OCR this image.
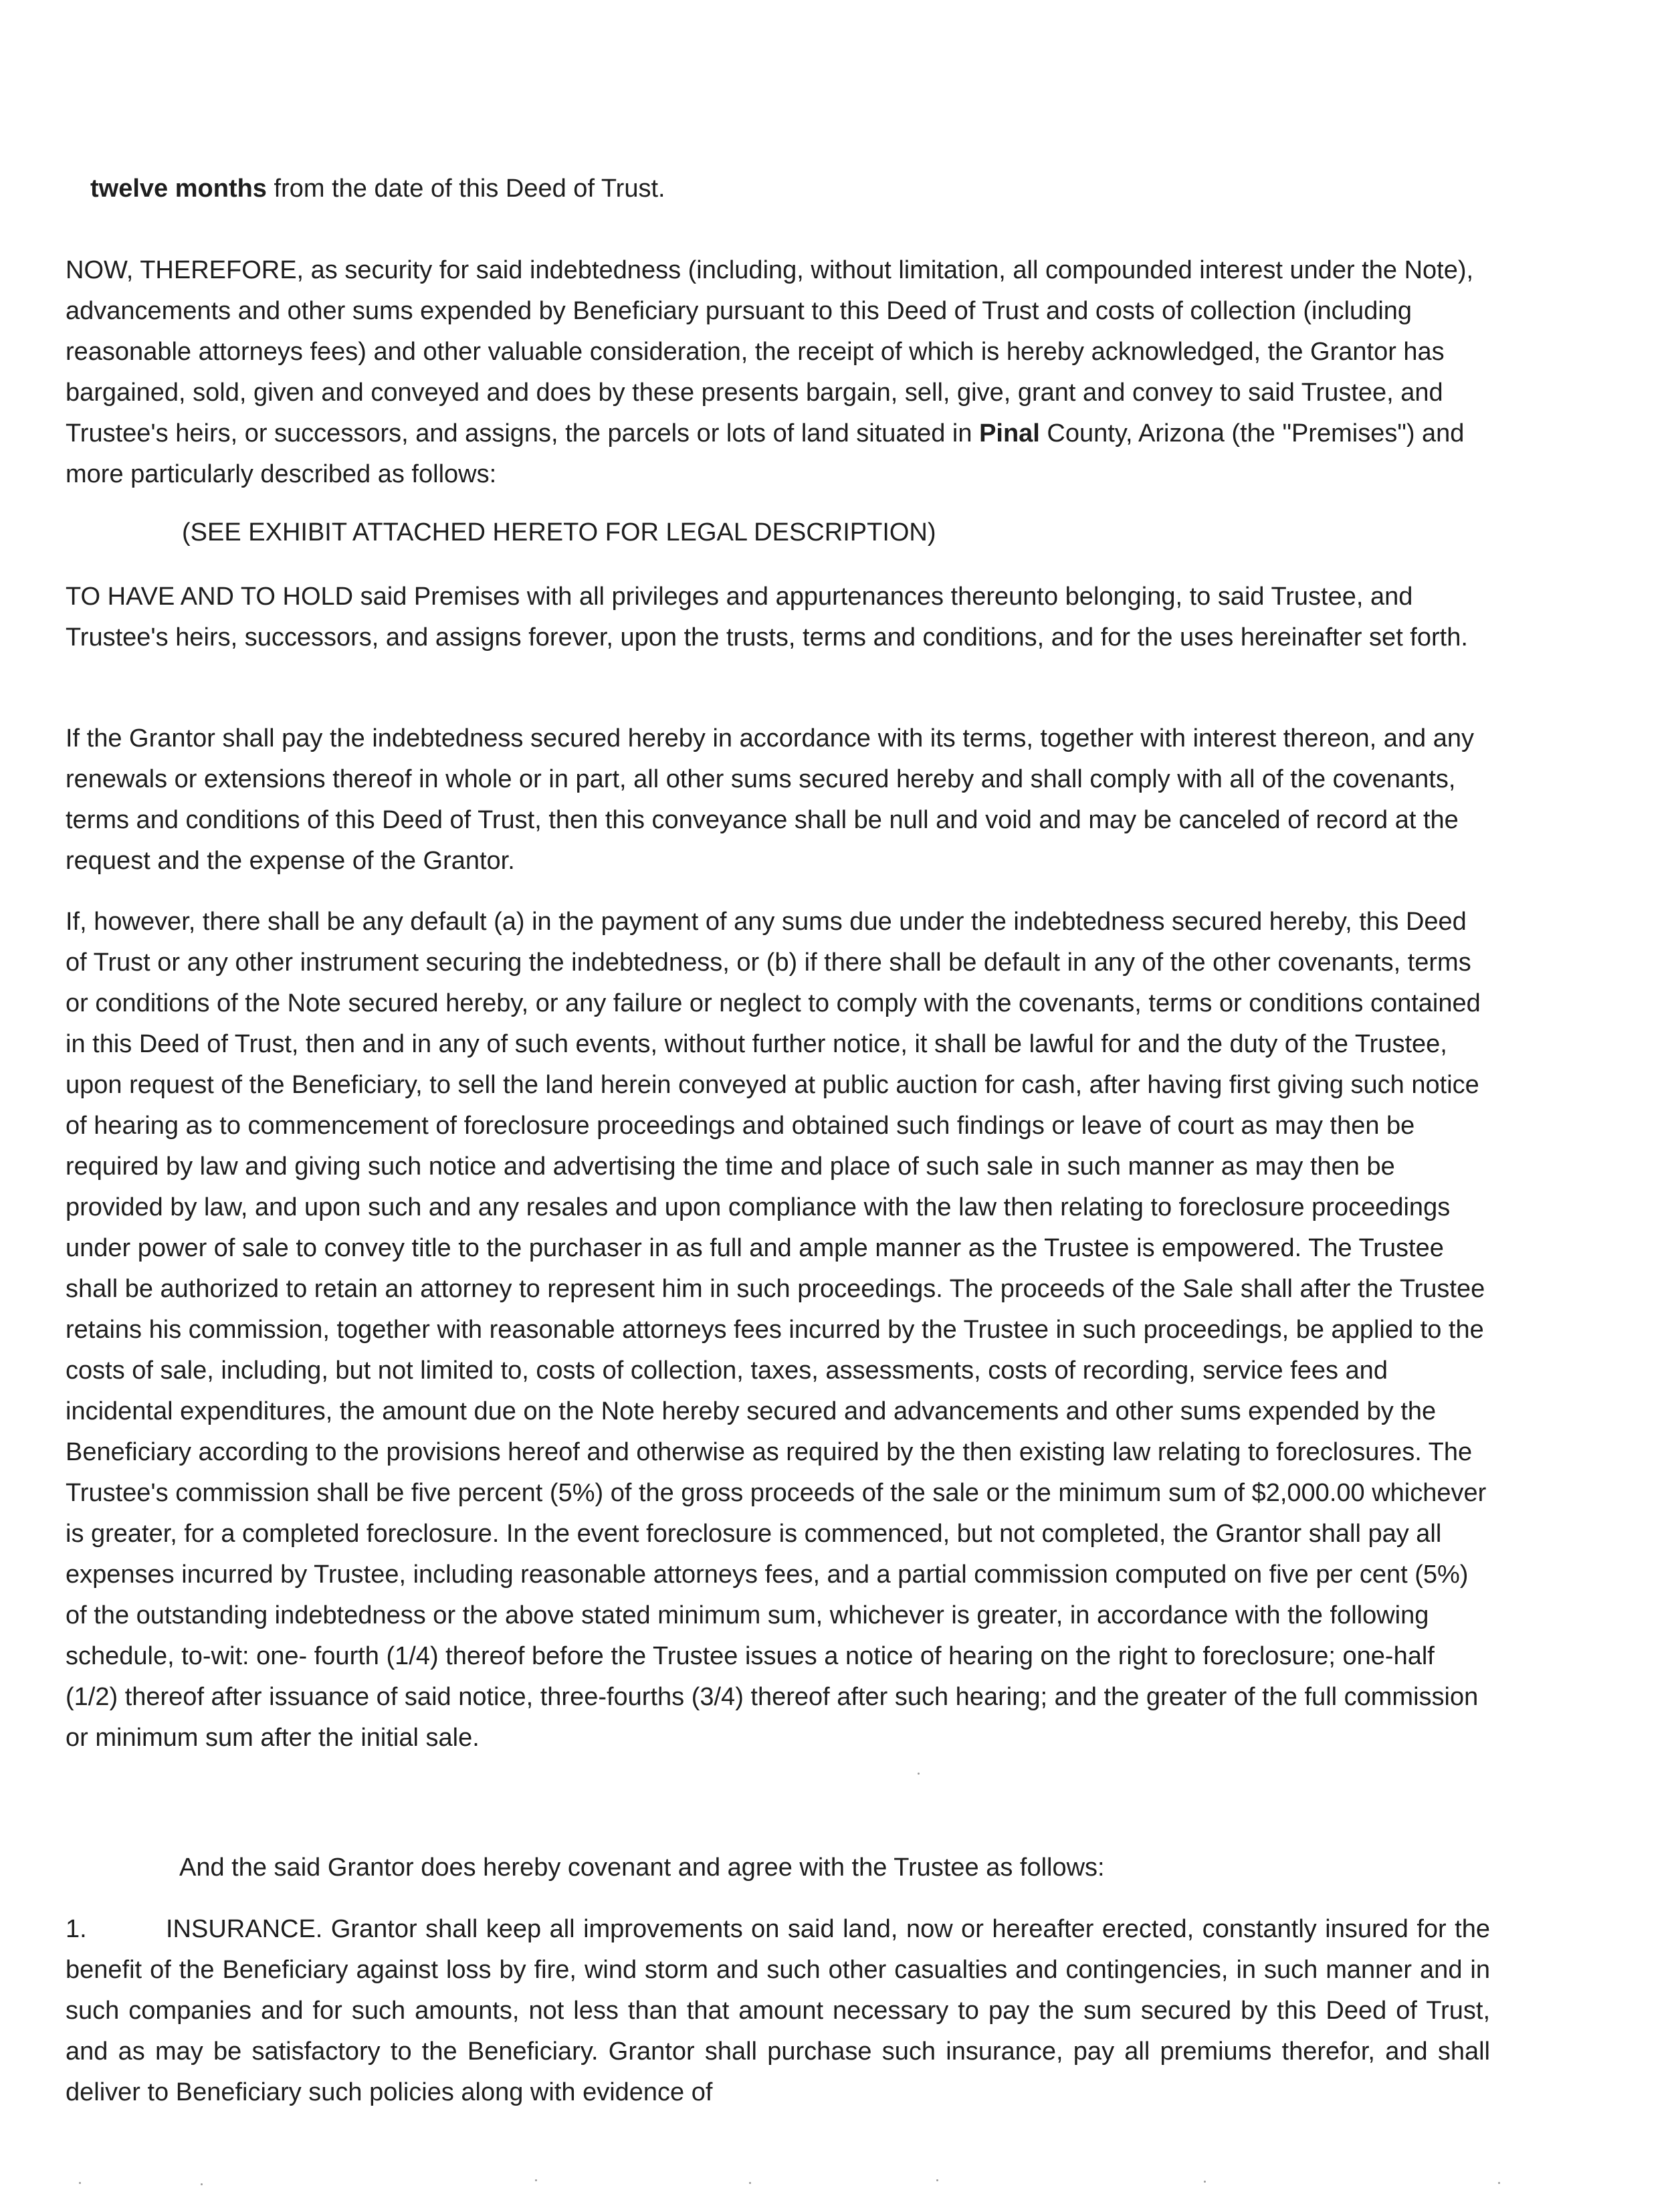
twelve months from the date of this Deed of Trust.

NOW, THEREFORE, as security for said indebtedness (including, without limitation, all compounded interest under the Note), advancements and other sums expended by Beneficiary pursuant to this Deed of Trust and costs of collection (including reasonable attorneys fees) and other valuable consideration, the receipt of which is hereby acknowledged, the Grantor has bargained, sold, given and conveyed and does by these presents bargain, sell, give, grant and convey to said Trustee, and Trustee's heirs, or successors, and assigns, the parcels or lots of land situated in Pinal County, Arizona (the "Premises") and more particularly described as follows:

(SEE EXHIBIT ATTACHED HERETO FOR LEGAL DESCRIPTION)

TO HAVE AND TO HOLD said Premises with all privileges and appurtenances thereunto belonging, to said Trustee, and Trustee's heirs, successors, and assigns forever, upon the trusts, terms and conditions, and for the uses hereinafter set forth.

If the Grantor shall pay the indebtedness secured hereby in accordance with its terms, together with interest thereon, and any renewals or extensions thereof in whole or in part, all other sums secured hereby and shall comply with all of the covenants, terms and conditions of this Deed of Trust, then this conveyance shall be null and void and may be canceled of record at the request and the expense of the Grantor.

If, however, there shall be any default (a) in the payment of any sums due under the indebtedness secured hereby, this Deed of Trust or any other instrument securing the indebtedness, or (b) if there shall be default in any of the other covenants, terms or conditions of the Note secured hereby, or any failure or neglect to comply with the covenants, terms or conditions contained in this Deed of Trust, then and in any of such events, without further notice, it shall be lawful for and the duty of the Trustee, upon request of the Beneficiary, to sell the land herein conveyed at public auction for cash, after having first giving such notice of hearing as to commencement of foreclosure proceedings and obtained such findings or leave of court as may then be required by law and giving such notice and advertising the time and place of such sale in such manner as may then be provided by law, and upon such and any resales and upon compliance with the law then relating to foreclosure proceedings under power of sale to convey title to the purchaser in as full and ample manner as the Trustee is empowered. The Trustee shall be authorized to retain an attorney to represent him in such proceedings. The proceeds of the Sale shall after the Trustee retains his commission, together with reasonable attorneys fees incurred by the Trustee in such proceedings, be applied to the costs of sale, including, but not limited to, costs of collection, taxes, assessments, costs of recording, service fees and incidental expenditures, the amount due on the Note hereby secured and advancements and other sums expended by the Beneficiary according to the provisions hereof and otherwise as required by the then existing law relating to foreclosures. The Trustee's commission shall be five percent (5%) of the gross proceeds of the sale or the minimum sum of $2,000.00 whichever is greater, for a completed foreclosure. In the event foreclosure is commenced, but not completed, the Grantor shall pay all expenses incurred by Trustee, including reasonable attorneys fees, and a partial commission computed on five per cent (5%) of the outstanding indebtedness or the above stated minimum sum, whichever is greater, in accordance with the following schedule, to-wit: one- fourth (1/4) thereof before the Trustee issues a notice of hearing on the right to foreclosure; one-half (1/2) thereof after issuance of said notice, three-fourths (3/4) thereof after such hearing; and the greater of the full commission or minimum sum after the initial sale.

And the said Grantor does hereby covenant and agree with the Trustee as follows:

1.	INSURANCE. Grantor shall keep all improvements on said land, now or hereafter erected, constantly insured for the benefit of the Beneficiary against loss by fire, wind storm and such other casualties and contingencies, in such manner and in such companies and for such amounts, not less than that amount necessary to pay the sum secured by this Deed of Trust, and as may be satisfactory to the Beneficiary. Grantor shall purchase such insurance, pay all premiums therefor, and shall deliver to Beneficiary such policies along with evidence of
